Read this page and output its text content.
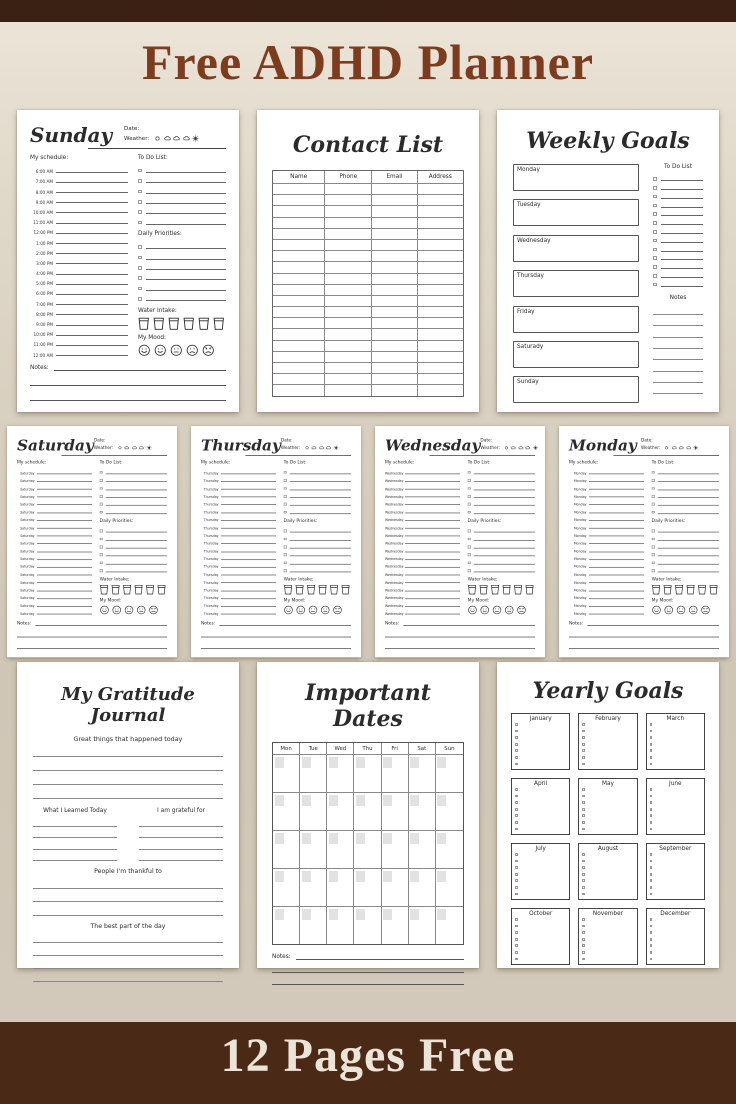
Free ADHD Planner
Sunday Date:
Weather:
My schedule:
6:00 AM
7:00 AM
8:00 AM
9:00 AM
10:00 AM
11:00 AM
12:00 PM
1:00 PM
2:00 PM
3:00 PM
4:00 PM
5:00 PM
6:00 PM
7:00 PM
8:00 PM
9:00 PM
10:00 PM
11:00 PM
12:00 AM
To Do List:
Daily Priorities:
Water Intake:
My Mood:
Notes:
Contact List
Name	Phone	Email	Address
Weekly Goals
Monday
Tuesday
Wednesday
Thursday
Friday
Saturady
Sunday
To Do List
Notes
Saturday Date:
Weather:
My schedule:
Saturday
Saturday
Saturday
Saturday
Saturday
Saturday
Saturday
Saturday
Saturday
Saturday
Saturday
Saturday
Saturday
Saturday
Saturday
Saturday
Saturday
Saturday
Saturday
To Do List:
Daily Priorities:
Water Intake:
My Mood:
Notes:
Thursday Date:
Weather:
My schedule:
Thursday
Thursday
Thursday
Thursday
Thursday
Thursday
Thursday
Thursday
Thursday
Thursday
Thursday
Thursday
Thursday
Thursday
Thursday
Thursday
Thursday
Thursday
Thursday
To Do List:
Daily Priorities:
Water Intake:
My Mood:
Notes:
Wednesday Date:
Weather:
My schedule:
Wednesday
Wednesday
Wednesday
Wednesday
Wednesday
Wednesday
Wednesday
Wednesday
Wednesday
Wednesday
Wednesday
Wednesday
Wednesday
Wednesday
Wednesday
Wednesday
Wednesday
Wednesday
Wednesday
To Do List:
Daily Priorities:
Water Intake:
My Mood:
Notes:
Monday Date:
Weather:
My schedule:
Monday
Monday
Monday
Monday
Monday
Monday
Monday
Monday
Monday
Monday
Monday
Monday
Monday
Monday
Monday
Monday
Monday
Monday
Monday
To Do List:
Daily Priorities:
Water Intake:
My Mood:
Notes:
My Gratitude Journal
Great things that happened today
What I Learned Today	I am grateful for
People I'm thankful to
The best part of the day
Important Dates
Mon	Tue	Wed	Thu	Fri	Sat	Sun
Notes:
Yearly Goals
January	February	March
April	May	June
July	August	September
October	November	December
12 Pages Free
